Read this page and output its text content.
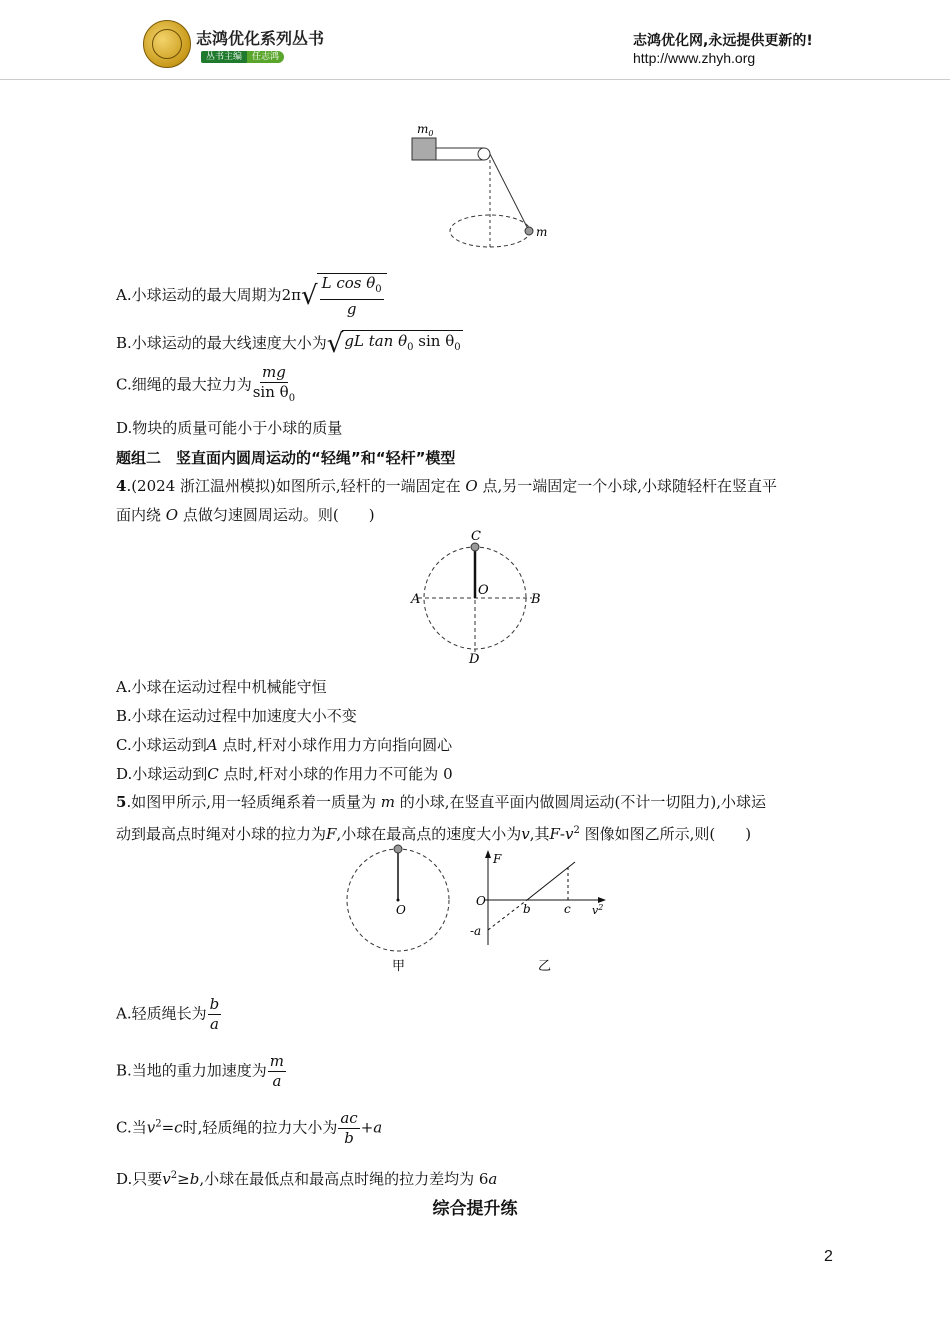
志鸿优化系列丛书
丛书主编 任志鸿
志鸿优化网,永远提供更新的!
http://www.zhyh.org
$m_0$
m
A.小球运动的最大周期为2π √ $\frac{L \cos \theta_0}{g}$
B.小球运动的最大线速度大小为 √ gL $\tan \theta_0$ $\sin \theta_0$
C.细绳的最大拉力为 $\frac{mg}{\sin \theta_0}$
D.物块的质量可能小于小球的质量
题组二　竖直面内圆周运动的“轻绳”和“轻杆”模型
4.(2024 浙江温州模拟)如图所示,轻杆的一端固定在 O 点,另一端固定一个小球,小球随轻杆在竖直平
面内绕 O 点做匀速圆周运动。则(　　)
C
O
A	B
D
A.小球在运动过程中机械能守恒
B.小球在运动过程中加速度大小不变
C.小球运动到A 点时,杆对小球作用力方向指向圆心
D.小球运动到C 点时,杆对小球的作用力不可能为 0
5.如图甲所示,用一轻质绳系着一质量为 m 的小球,在竖直平面内做圆周运动(不计一切阻力),小球运
动到最高点时绳对小球的拉力为F,小球在最高点的速度大小为v,其$F-v^2$ 图像如图乙所示,则(　　)
O
甲
F
O
b	c $v^2$
-a
乙
A.轻质绳长为 $\frac{b}{a}$
B.当地的重力加速度为 $\frac{m}{a}$
C.当$v^2=c$时,轻质绳的拉力大小为 $\frac{ac}{b} +a$
D.只要$v^2\ge b$,小球在最低点和最高点时绳的拉力差均为 6a
综合提升练
2
